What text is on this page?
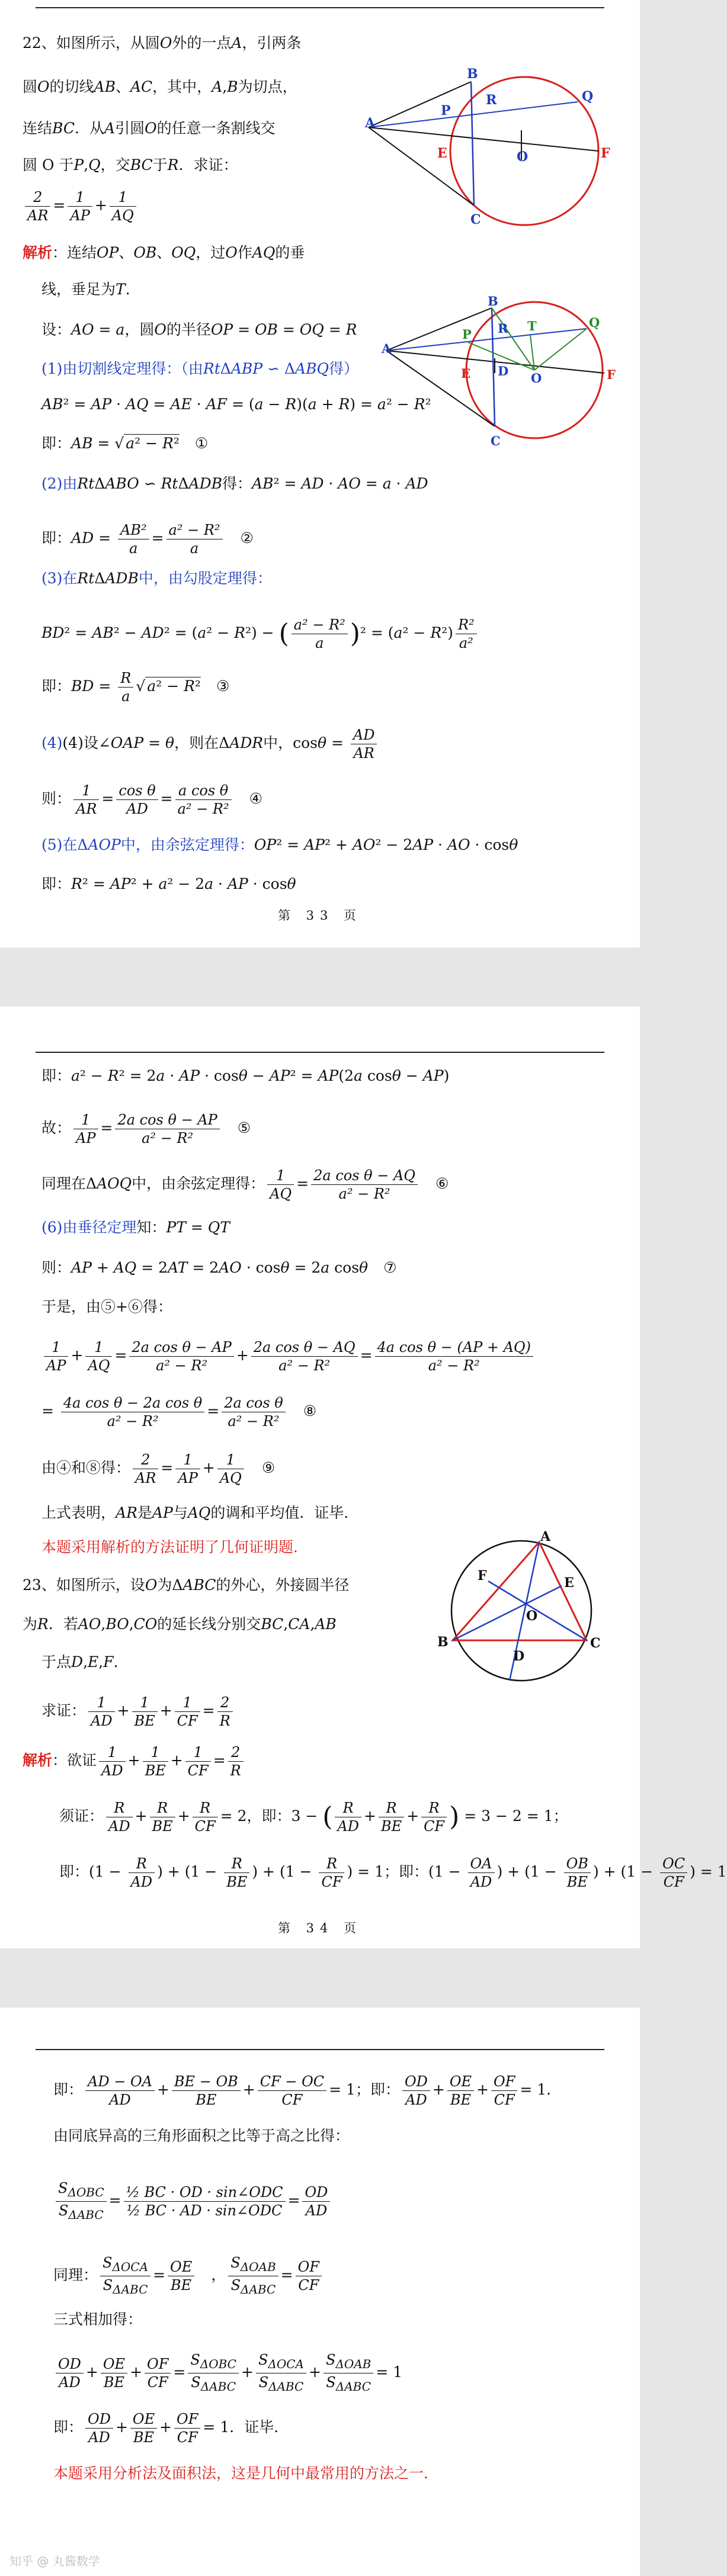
22、如图所示，从圆O外的一点A，引两条
圆O的切线AB、AC，其中，A,B为切点，
连结BC．从A引圆O的任意一条割线交
圆 O 于P,Q，交BC于R．求证：
$\frac{2}{AR} = \frac{1}{AP} + \frac{1}{AQ}$
A
B
C
P
R	Q
E	O	F
解析：连结OP、OB、OQ，过O作AQ的垂
线，垂足为T．
A
B
C
P R T	Q
E D O	F
设：AO = a，圆O的半径OP = OB = OQ = R
(1)由切割线定理得：（由RtΔABP ∽ ΔABQ得）
AB² = AP · AQ = AE · AF = (a − R)(a + R) = a² − R²
即：AB = √ a² − R² ①
(2)由RtΔABO ∽ RtΔADB得：AB² = AD · AO = a · AD
即：AD = $\frac{\text{AB²}}{a} = \frac{\text{a² − R²}}{a}$ ②
(3)在RtΔADB中，由勾股定理得：
BD² = AB² − AD² = (a² − R²) − ( $\frac{\text{a² − R²}}{a} )^2 = (a^2 - R^2) \frac{\text{R²}}{\text{a²}}$
即：BD = $\frac{R}{a}$ √ a² − R² ③
(4)(4)设∠OAP = θ，则在ΔADR中，$\cos\theta = \frac{AD}{AR}$
则： $\frac{1}{AR} = \frac{\text{cos θ}}{AD} = \frac{\text{a cos θ}}{\text{a² − R²}}$ ④
(5)在ΔAOP中，由余弦定理得：OP² = AP² + AO² − 2AP · AO · cosθ
即：R² = AP² + a² − 2a · AP · cosθ
第 33 页
即：a² − R² = 2a · AP · cosθ − AP² = AP(2a cosθ − AP)
故： $\frac{1}{AP} = \frac{\text{2a cos θ − AP}}{\text{a² − R²}}$ ⑤
同理在ΔAOQ中，由余弦定理得： $\frac{1}{AQ} = \frac{\text{2a cos θ − AQ}}{\text{a² − R²}}$ ⑥
(6)由垂径定理知：PT = QT
则：AP + AQ = 2AT = 2AO · cosθ = 2a cosθ ⑦
于是，由⑤+⑥得：
$\frac{1}{AP} + \frac{1}{AQ} = \frac{\text{2a cos θ − AP}}{\text{a² − R²}} + \frac{\text{2a cos θ − AQ}}{\text{a² − R²}} = \frac{\text{4a cos θ − (AP + AQ)}}{\text{a² − R²}}$
= $\frac{\text{4a cos θ − 2a cos θ}}{\text{a² − R²}} = \frac{\text{2a cos θ}}{\text{a² − R²}}$ ⑧
由④和⑧得： $\frac{2}{AR} = \frac{1}{AP} + \frac{1}{AQ}$ ⑨
上式表明，AR是AP与AQ的调和平均值．证毕．
本题采用解析的方法证明了几何证明题．
23、如图所示，设O为ΔABC的外心，外接圆半径
为R．若AO,BO,CO的延长线分别交BC,CA,AB
于点D,E,F．
求证： $\frac{1}{AD} + \frac{1}{BE} + \frac{1}{CF} = \frac{2}{R}$
A
B	C
D
E
F
O
解析：欲证 $\frac{1}{AD} + \frac{1}{BE} + \frac{1}{CF} = \frac{2}{R}$
须证： $\frac{R}{AD} + \frac{R}{BE} + \frac{R}{CF} = 2$，即：3 − ( $\frac{R}{AD} + \frac{R}{BE} + \frac{R}{CF}$ ) = 3 − 2 = 1；
即：($1 - \frac{R}{AD}$ ) + ($1 - \frac{R}{BE}$ ) + ($1 - \frac{R}{CF}$ ) = 1；即：($1 - \frac{OA}{AD}$ ) + ($1 - \frac{OB}{BE}$ ) + ($1 - \frac{OC}{CF}$ ) = 1
第 34 页
即： $\frac{AD - OA}{AD} + \frac{BE - OB}{BE} + \frac{CF - OC}{CF} = 1$；即： $\frac{OD}{AD} + \frac{OE}{BE} + \frac{OF}{CF} = 1$．
由同底异高的三角形面积之比等于高之比得：
$\frac{S_{\Delta OBC}}{S_{\Delta ABC}} = \frac{\text{½ BC · OD · sin∠ODC}}{\text{½ BC · AD · sin∠ODC}} = \frac{OD}{AD}$
同理： $\frac{S_{\Delta OCA}}{S_{\Delta ABC}} = \frac{OE}{BE}$ ， $\frac{S_{\Delta OAB}}{S_{\Delta ABC}} = \frac{OF}{CF}$
三式相加得：
$\frac{OD}{AD} + \frac{OE}{BE} + \frac{OF}{CF} = \frac{S_{\Delta OBC}}{S_{\Delta ABC}} + \frac{S_{\Delta OCA}}{S_{\Delta ABC}} + \frac{S_{\Delta OAB}}{S_{\Delta ABC}} = 1$
即： $\frac{OD}{AD} + \frac{OE}{BE} + \frac{OF}{CF} = 1$．证毕．
本题采用分析法及面积法，这是几何中最常用的方法之一．
知乎 @ 丸酱数学
